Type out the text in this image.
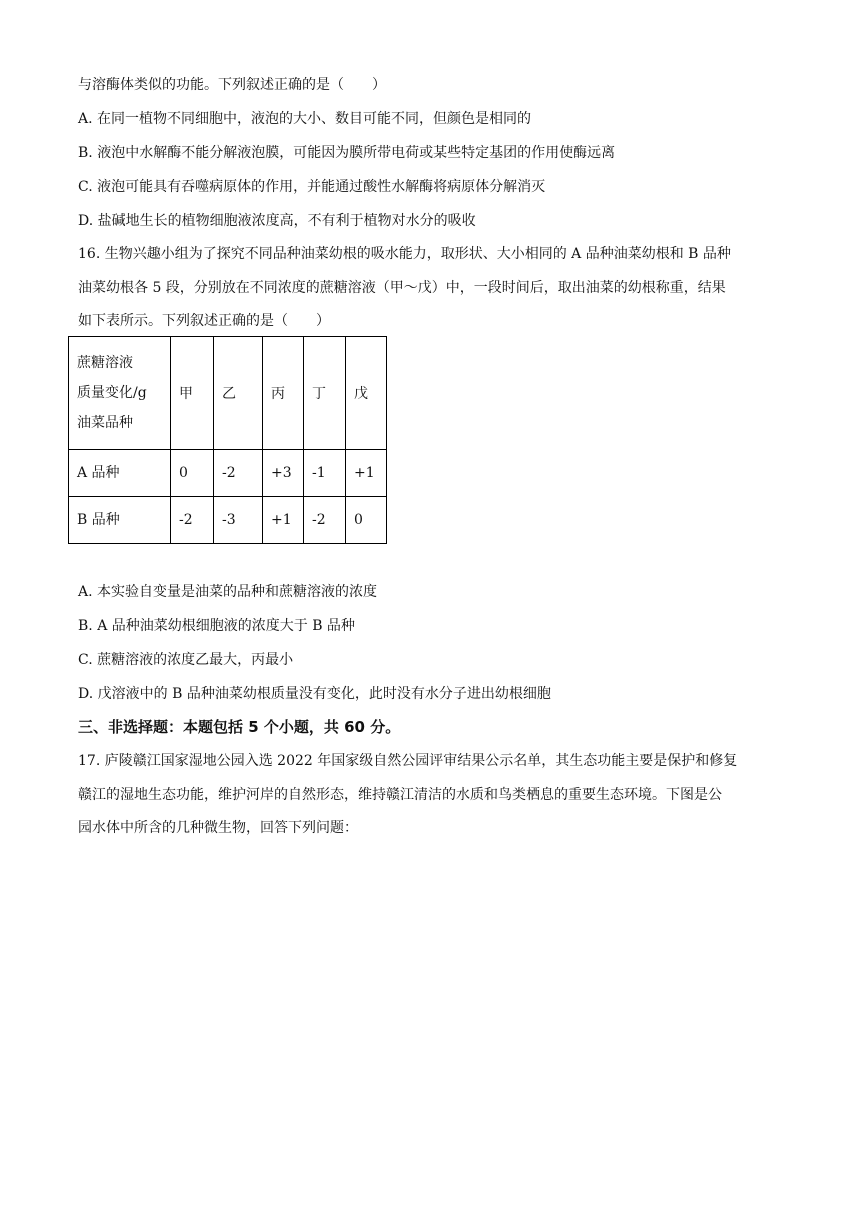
与溶酶体类似的功能。下列叙述正确的是（　　）
A. 在同一植物不同细胞中，液泡的大小、数目可能不同，但颜色是相同的
B. 液泡中水解酶不能分解液泡膜，可能因为膜所带电荷或某些特定基团的作用使酶远离
C. 液泡可能具有吞噬病原体的作用，并能通过酸性水解酶将病原体分解消灭
D. 盐碱地生长的植物细胞液浓度高，不有利于植物对水分的吸收
16. 生物兴趣小组为了探究不同品种油菜幼根的吸水能力，取形状、大小相同的 A 品种油菜幼根和 B 品种
油菜幼根各 5 段，分别放在不同浓度的蔗糖溶液（甲～戊）中，一段时间后，取出油菜的幼根称重，结果
如下表所示。下列叙述正确的是（　　）
蔗糖溶液
质量变化/g
油菜品种	甲	乙	丙	丁	戊
A 品种	0	-2	+3	-1	+1
B 品种	-2	-3	+1	-2	0
A. 本实验自变量是油菜的品种和蔗糖溶液的浓度
B. A 品种油菜幼根细胞液的浓度大于 B 品种
C. 蔗糖溶液的浓度乙最大，丙最小
D. 戊溶液中的 B 品种油菜幼根质量没有变化，此时没有水分子进出幼根细胞
三、非选择题：本题包括 5 个小题，共 60 分。
17. 庐陵赣江国家湿地公园入选 2022 年国家级自然公园评审结果公示名单，其生态功能主要是保护和修复
赣江的湿地生态功能，维护河岸的自然形态，维持赣江清洁的水质和鸟类栖息的重要生态环境。下图是公
园水体中所含的几种微生物，回答下列问题：
